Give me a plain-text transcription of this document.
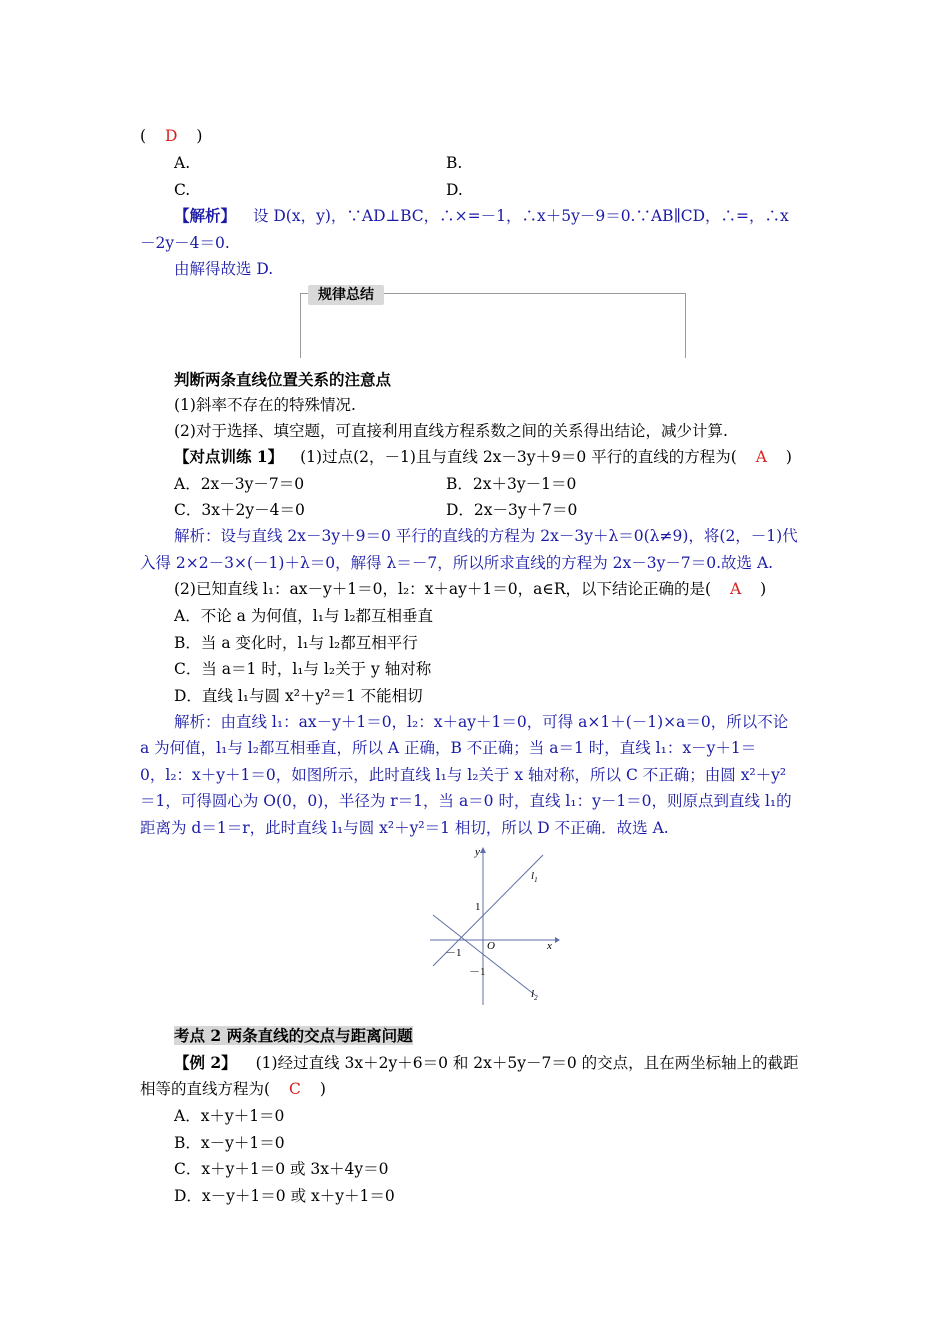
( D )
A.	B.
C.	D.
【解析】 设 D(x，y)，∵AD⊥BC，∴×=－1，∴x＋5y－9＝0.∵AB∥CD，∴=，∴x
－2y－4＝0.
由解得故选 D.
规律总结
判断两条直线位置关系的注意点
(1)斜率不存在的特殊情况.
(2)对于选择、填空题，可直接利用直线方程系数之间的关系得出结论，减少计算.
【对点训练 1】 (1)过点(2，－1)且与直线 2x－3y＋9＝0 平行的直线的方程为( A )
A．2x－3y－7＝0	B．2x＋3y－1＝0
C．3x＋2y－4＝0	D．2x－3y＋7＝0
解析：设与直线 2x－3y＋9＝0 平行的直线的方程为 2x－3y＋λ＝0(λ≠9)，将(2，－1)代
入得 2×2－3×(－1)＋λ＝0，解得 λ＝－7，所以所求直线的方程为 2x－3y－7＝0.故选 A.
(2)已知直线 l₁：ax－y＋1＝0，l₂：x＋ay＋1＝0，a∈R，以下结论正确的是( A )
A．不论 a 为何值，l₁与 l₂都互相垂直
B．当 a 变化时，l₁与 l₂都互相平行
C．当 a＝1 时，l₁与 l₂关于 y 轴对称
D．直线 l₁与圆 x²＋y²＝1 不能相切
解析：由直线 l₁：ax－y＋1＝0，l₂：x＋ay＋1＝0，可得 a×1＋(－1)×a＝0，所以不论
a 为何值，l₁与 l₂都互相垂直，所以 A 正确，B 不正确；当 a＝1 时，直线 l₁：x－y＋1＝
0，l₂：x＋y＋1＝0，如图所示，此时直线 l₁与 l₂关于 x 轴对称，所以 C 不正确；由圆 x²＋y²
＝1，可得圆心为 O(0，0)，半径为 r＝1，当 a＝0 时，直线 l₁：y－1＝0，则原点到直线 l₁的
距离为 d＝1＝r，此时直线 l₁与圆 x²＋y²＝1 相切，所以 D 不正确．故选 A.
y
x
O
1
－1
－1
$l_1$
$l_2$
考点 2 两条直线的交点与距离问题
【例 2】 (1)经过直线 3x＋2y＋6＝0 和 2x＋5y－7＝0 的交点，且在两坐标轴上的截距
相等的直线方程为( C )
A．x＋y＋1＝0
B．x－y＋1＝0
C．x＋y＋1＝0 或 3x＋4y＝0
D．x－y＋1＝0 或 x＋y＋1＝0
